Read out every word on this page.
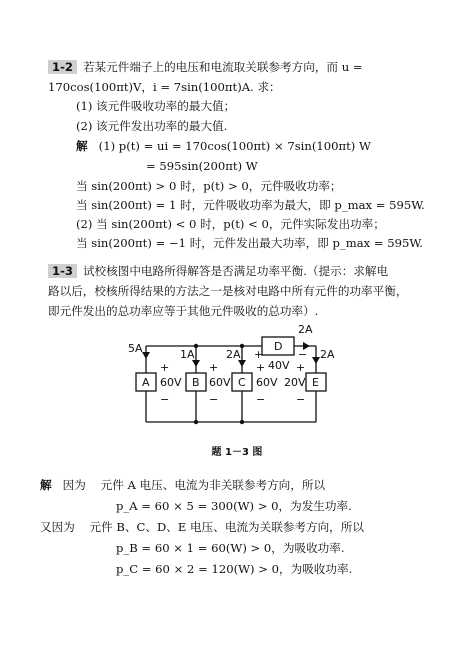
1-2 若某元件端子上的电压和电流取关联参考方向，而 u =
170cos(100πt)V，i = 7sin(100πt)A. 求：
(1) 该元件吸收功率的最大值；
(2) 该元件发出功率的最大值.
解 (1) p(t) = ui = 170cos(100πt) × 7sin(100πt) W
= 595sin(200πt) W
当 sin(200πt) > 0 时，p(t) > 0，元件吸收功率；
当 sin(200πt) = 1 时，元件吸收功率为最大，即 p_max = 595W.
(2) 当 sin(200πt) < 0 时，p(t) < 0，元件实际发出功率；
当 sin(200πt) = −1 时，元件发出最大功率，即 p_max = 595W.
1-3 试校核图中电路所得解答是否满足功率平衡.（提示：求解电
路以后，校核所得结果的方法之一是核对电路中所有元件的功率平衡，
即元件发出的总功率应等于其他元件吸收的总功率）.
A	B	C
D
E
5A	1A	2A
2A
2A
60V 60V 60V
40V
20V
+
−
+
−
+
−
+	−
+
−
题 1－3 图
解 因为 元件 A 电压、电流为非关联参考方向，所以
p_A = 60 × 5 = 300(W) > 0，为发生功率.
又因为 元件 B、C、D、E 电压、电流为关联参考方向，所以
p_B = 60 × 1 = 60(W) > 0，为吸收功率.
p_C = 60 × 2 = 120(W) > 0，为吸收功率.
